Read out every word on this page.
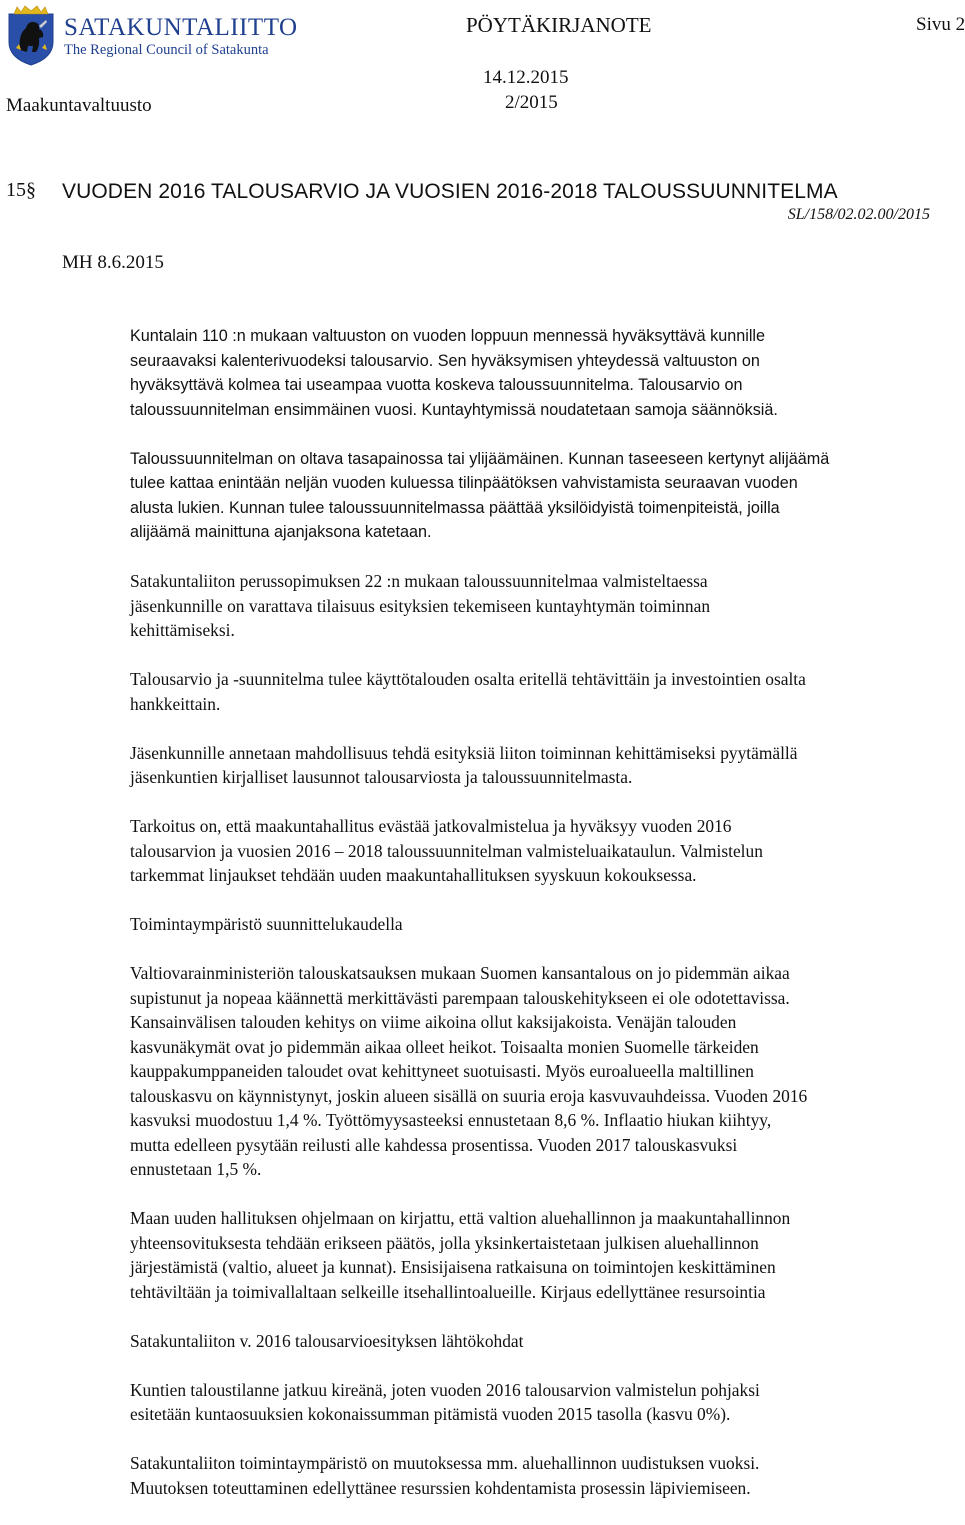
SATAKUNTALIITTO
The Regional Council of Satakunta
Maakuntavaltuusto
PÖYTÄKIRJANOTE
14.12.2015
2/2015
Sivu 2
15§ VUODEN 2016 TALOUSARVIO JA VUOSIEN 2016-2018 TALOUSSUUNNITELMA
SL/158/02.02.00/2015
MH 8.6.2015

Kuntalain 110 :n mukaan valtuuston on vuoden loppuun mennessä hyväksyttävä kunnille
seuraavaksi kalenterivuodeksi talousarvio. Sen hyväksymisen yhteydessä valtuuston on
hyväksyttävä kolmea tai useampaa vuotta koskeva taloussuunnitelma. Talousarvio on
taloussuunnitelman ensimmäinen vuosi. Kuntayhtymissä noudatetaan samoja säännöksiä.

Taloussuunnitelman on oltava tasapainossa tai ylijäämäinen. Kunnan taseeseen kertynyt alijäämä
tulee kattaa enintään neljän vuoden kuluessa tilinpäätöksen vahvistamista seuraavan vuoden
alusta lukien. Kunnan tulee taloussuunnitelmassa päättää yksilöidyistä toimenpiteistä, joilla
alijäämä mainittuna ajanjaksona katetaan.

Satakuntaliiton perussopimuksen 22 :n mukaan taloussuunnitelmaa valmisteltaessa
jäsenkunnille on varattava tilaisuus esityksien tekemiseen kuntayhtymän toiminnan
kehittämiseksi.

Talousarvio ja -suunnitelma tulee käyttötalouden osalta eritellä tehtävittäin ja investointien osalta
hankkeittain.

Jäsenkunnille annetaan mahdollisuus tehdä esityksiä liiton toiminnan kehittämiseksi pyytämällä
jäsenkuntien kirjalliset lausunnot talousarviosta ja taloussuunnitelmasta.

Tarkoitus on, että maakuntahallitus evästää jatkovalmistelua ja hyväksyy vuoden 2016
talousarvion ja vuosien 2016 – 2018 taloussuunnitelman valmisteluaikataulun. Valmistelun
tarkemmat linjaukset tehdään uuden maakuntahallituksen syyskuun kokouksessa.

Toimintaympäristö suunnittelukaudella

Valtiovarainministeriön talouskatsauksen mukaan Suomen kansantalous on jo pidemmän aikaa
supistunut ja nopeaa käännettä merkittävästi parempaan talouskehitykseen ei ole odotettavissa.
Kansainvälisen talouden kehitys on viime aikoina ollut kaksijakoista. Venäjän talouden
kasvunäkymät ovat jo pidemmän aikaa olleet heikot. Toisaalta monien Suomelle tärkeiden
kauppakumppaneiden taloudet ovat kehittyneet suotuisasti. Myös euroalueella maltillinen
talouskasvu on käynnistynyt, joskin alueen sisällä on suuria eroja kasvuvauhdeissa. Vuoden 2016
kasvuksi muodostuu 1,4 %. Työttömyysasteeksi ennustetaan 8,6 %. Inflaatio hiukan kiihtyy,
mutta edelleen pysytään reilusti alle kahdessa prosentissa. Vuoden 2017 talouskasvuksi
ennustetaan 1,5 %.

Maan uuden hallituksen ohjelmaan on kirjattu, että valtion aluehallinnon ja maakuntahallinnon
yhteensovituksesta tehdään erikseen päätös, jolla yksinkertaistetaan julkisen aluehallinnon
järjestämistä (valtio, alueet ja kunnat). Ensisijaisena ratkaisuna on toimintojen keskittäminen
tehtäviltään ja toimivallaltaan selkeille itsehallintoalueille. Kirjaus edellyttänee resursointia

Satakuntaliiton v. 2016 talousarvioesityksen lähtökohdat

Kuntien taloustilanne jatkuu kireänä, joten vuoden 2016 talousarvion valmistelun pohjaksi
esitetään kuntaosuuksien kokonaissumman pitämistä vuoden 2015 tasolla (kasvu 0%).

Satakuntaliiton toimintaympäristö on muutoksessa mm. aluehallinnon uudistuksen vuoksi.
Muutoksen toteuttaminen edellyttänee resurssien kohdentamista prosessin läpiviemiseen.
